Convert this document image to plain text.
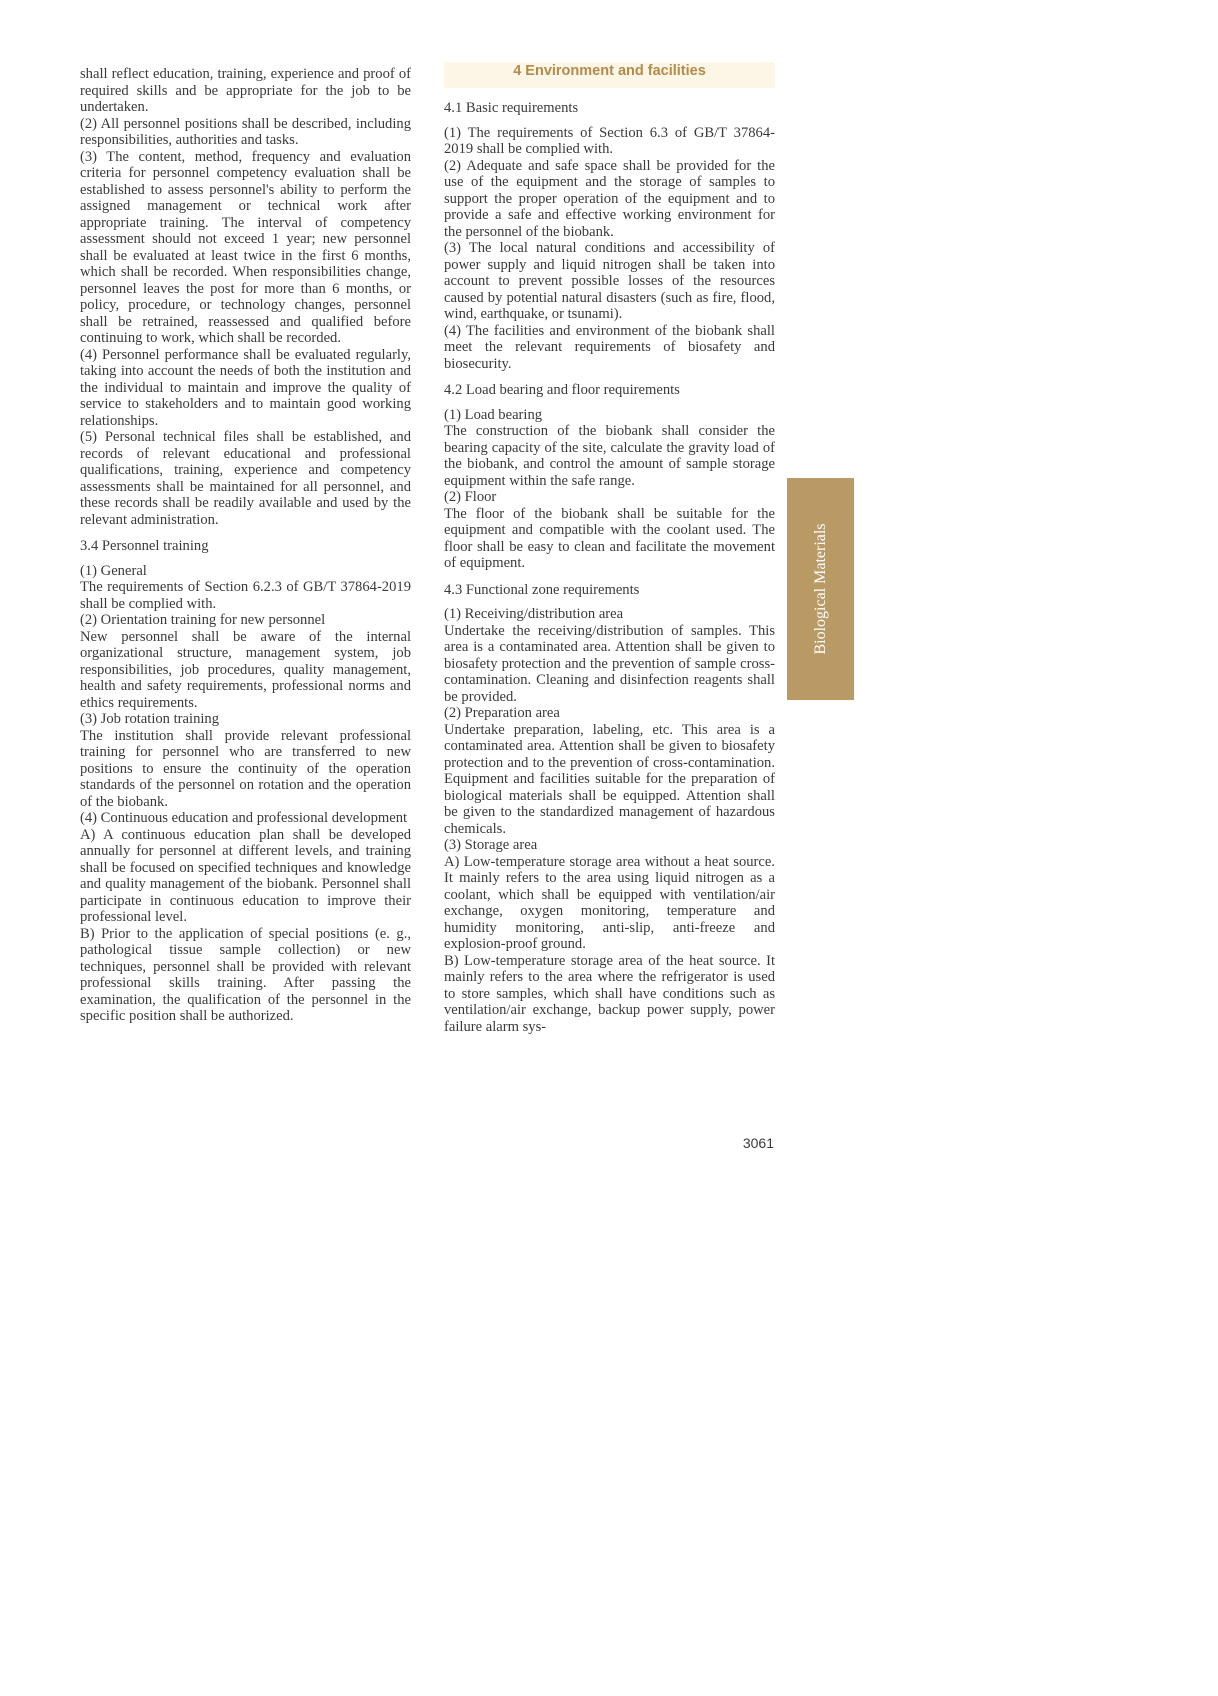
shall reflect education, training, experience and proof of required skills and be appropriate for the job to be undertaken.

(2) All personnel positions shall be described, including responsibilities, authorities and tasks.

(3) The content, method, frequency and evaluation criteria for personnel competency evaluation shall be established to assess personnel's ability to perform the assigned management or technical work after appropriate training. The interval of competency assessment should not exceed 1 year; new personnel shall be evaluated at least twice in the first 6 months, which shall be recorded. When responsibilities change, personnel leaves the post for more than 6 months, or policy, procedure, or technology changes, personnel shall be retrained, reassessed and qualified before continuing to work, which shall be recorded.

(4) Personnel performance shall be evaluated regularly, taking into account the needs of both the institution and the individual to maintain and improve the quality of service to stakeholders and to maintain good working relationships.

(5) Personal technical files shall be established, and records of relevant educational and professional qualifications, training, experience and competency assessments shall be maintained for all personnel, and these records shall be readily available and used by the relevant administration.

3.4 Personnel training

(1) General

The requirements of Section 6.2.3 of GB/T 37864-2019 shall be complied with.

(2) Orientation training for new personnel

New personnel shall be aware of the internal organizational structure, management system, job responsibilities, job procedures, quality management, health and safety requirements, professional norms and ethics requirements.

(3) Job rotation training

The institution shall provide relevant professional training for personnel who are transferred to new positions to ensure the continuity of the operation standards of the personnel on rotation and the operation of the biobank.

(4) Continuous education and professional development

A) A continuous education plan shall be developed annually for personnel at different levels, and training shall be focused on specified techniques and knowledge and quality management of the biobank. Personnel shall participate in continuous education to improve their professional level.

B) Prior to the application of special positions (e. g., pathological tissue sample collection) or new techniques, personnel shall be provided with relevant professional skills training. After passing the examination, the qualification of the personnel in the specific position shall be authorized.

4 Environment and facilities

4.1 Basic requirements

(1) The requirements of Section 6.3 of GB/T 37864-2019 shall be complied with.

(2) Adequate and safe space shall be provided for the use of the equipment and the storage of samples to support the proper operation of the equipment and to provide a safe and effective working environment for the personnel of the biobank.

(3) The local natural conditions and accessibility of power supply and liquid nitrogen shall be taken into account to prevent possible losses of the resources caused by potential natural disasters (such as fire, flood, wind, earthquake, or tsunami).

(4) The facilities and environment of the biobank shall meet the relevant requirements of biosafety and biosecurity.

4.2 Load bearing and floor requirements

(1) Load bearing

The construction of the biobank shall consider the bearing capacity of the site, calculate the gravity load of the biobank, and control the amount of sample storage equipment within the safe range.

(2) Floor

The floor of the biobank shall be suitable for the equipment and compatible with the coolant used. The floor shall be easy to clean and facilitate the movement of equipment.

4.3 Functional zone requirements

(1) Receiving/distribution area

Undertake the receiving/distribution of samples. This area is a contaminated area. Attention shall be given to biosafety protection and the prevention of sample cross-contamination. Cleaning and disinfection reagents shall be provided.

(2) Preparation area

Undertake preparation, labeling, etc. This area is a contaminated area. Attention shall be given to biosafety protection and to the prevention of cross-contamination. Equipment and facilities suitable for the preparation of biological materials shall be equipped. Attention shall be given to the standardized management of hazardous chemicals.

(3) Storage area

A) Low-temperature storage area without a heat source. It mainly refers to the area using liquid nitrogen as a coolant, which shall be equipped with ventilation/air exchange, oxygen monitoring, temperature and humidity monitoring, anti-slip, anti-freeze and explosion-proof ground.

B) Low-temperature storage area of the heat source. It mainly refers to the area where the refrigerator is used to store samples, which shall have conditions such as ventilation/air exchange, backup power supply, power failure alarm sys-

Biological Materials
3061
